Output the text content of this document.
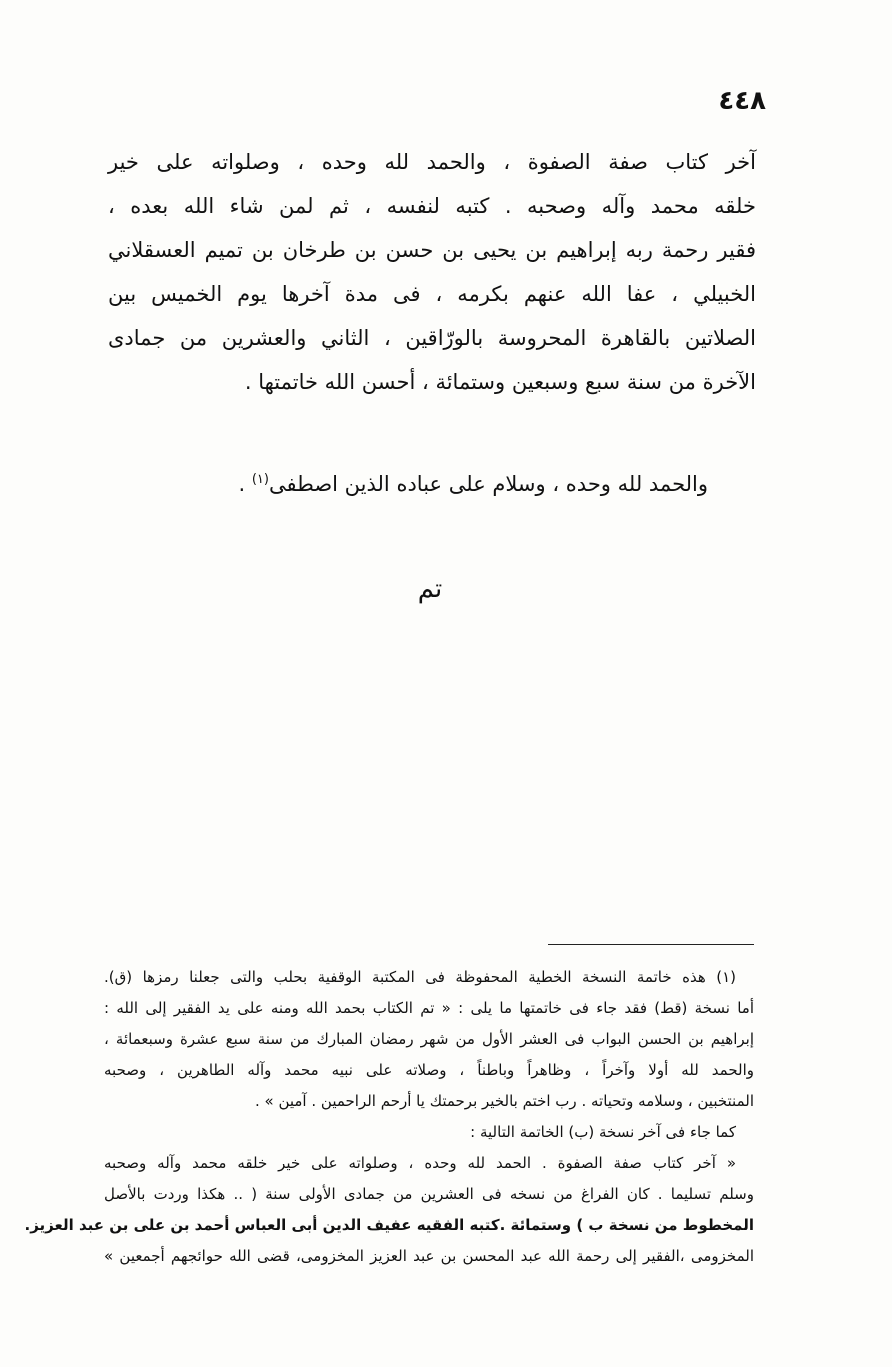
٤٤٨
آخر كتاب صفة الصفوة ، والحمد لله وحده ، وصلواته على خير
خلقه محمد وآله وصحبه . كتبه لنفسه ، ثم لمن شاء الله بعده ،
فقير رحمة ربه إبراهيم بن يحيى بن حسن بن طرخان بن تميم العسقلاني
الخبيلي ، عفا الله عنهم بكرمه ، فى مدة آخرها يوم الخميس بين
الصلاتين بالقاهرة المحروسة بالورّاقين ، الثاني والعشرين من جمادى
الآخرة من سنة سبع وسبعين وستمائة ، أحسن الله خاتمتها .
والحمد لله وحده ، وسلام على عباده الذين اصطفى$^{(١)}$ .
تم
(١) هذه خاتمة النسخة الخطية المحفوظة فى المكتبة الوقفية بحلب والتى جعلنا رمزها (ق).
أما نسخة (قط) فقد جاء فى خاتمتها ما يلى : « تم الكتاب بحمد الله ومنه على يد الفقير إلى الله :
إبراهيم بن الحسن البواب فى العشر الأول من شهر رمضان المبارك من سنة سبع عشرة وسبعمائة ،
والحمد لله أولا وآخراً ، وظاهراً وباطناً ، وصلاته على نبيه محمد وآله الطاهرين ، وصحبه
المنتخبين ، وسلامه وتحياته . رب اختم بالخير برحمتك يا أرحم الراحمين . آمين » .
كما جاء فى آخر نسخة (ب) الخاتمة التالية :
« آخر كتاب صفة الصفوة . الحمد لله وحده ، وصلواته على خير خلقه محمد وآله وصحبه
وسلم تسليما . كان الفراغ من نسخه فى العشرين من جمادى الأولى سنة ( .. هكذا وردت بالأصل
المخطوط من نسخة ب ) وستمائة .كتبه الفقيه عفيف الدين أبى العباس أحمد بن على بن عبد العزيز.
المخزومى ،الفقير إلى رحمة الله عبد المحسن بن عبد العزيز المخزومى، قضى الله حوائجهم أجمعين »
